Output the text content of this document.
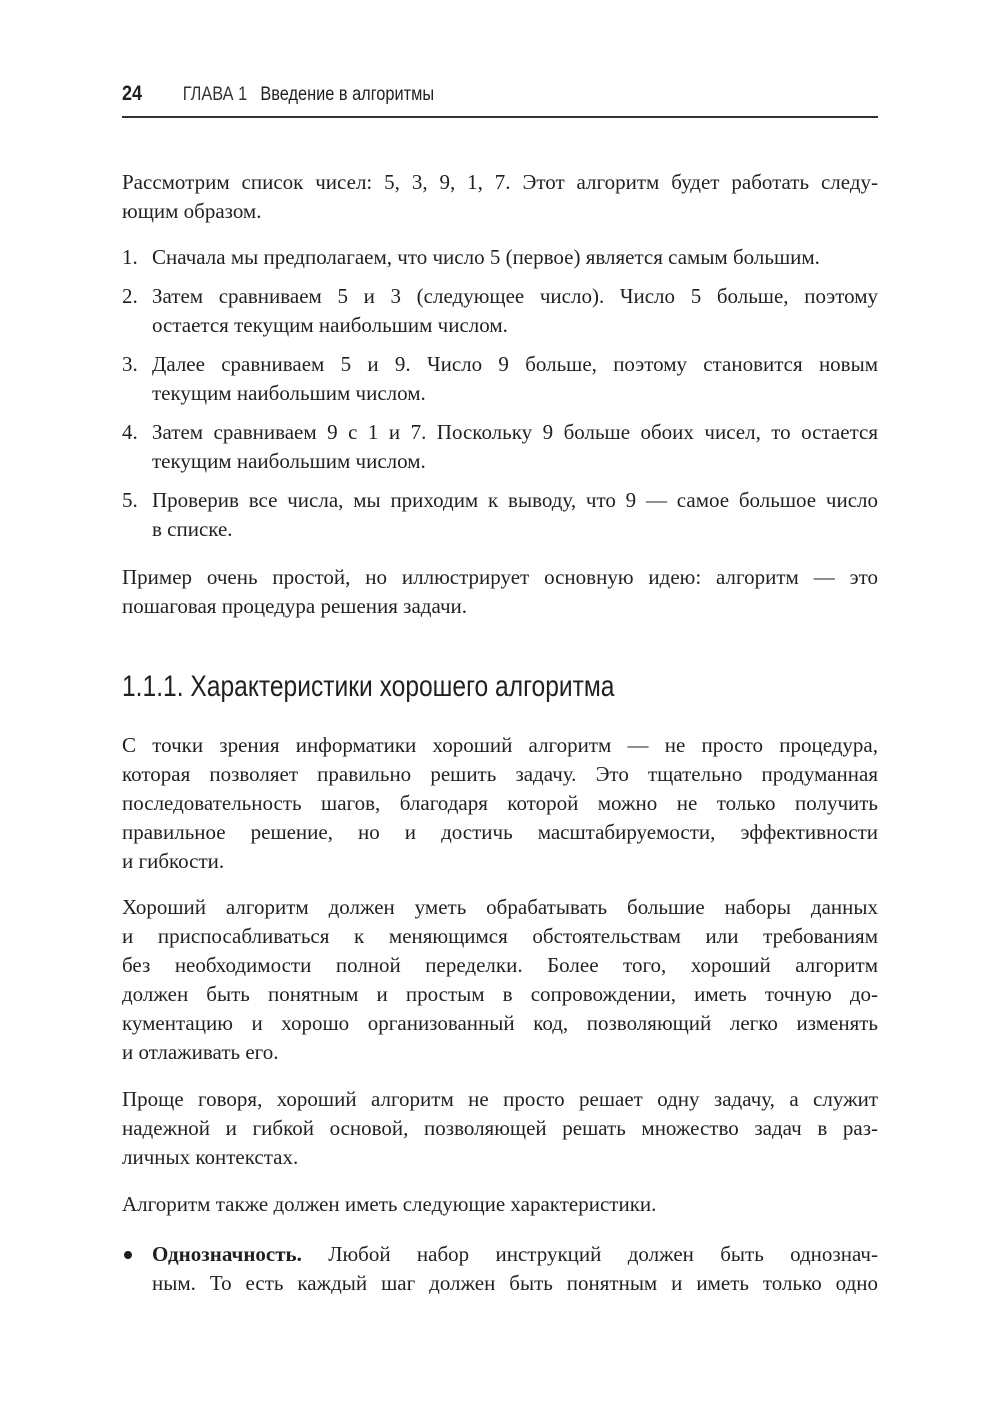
24 ГЛАВА 1 Введение в алгоритмы
Рассмотрим список чисел: 5, 3, 9, 1, 7. Этот алгоритм будет работать следу-
ющим образом.
1. Сначала мы предполагаем, что число 5 (первое) является самым большим.
2. Затем сравниваем 5 и 3 (следующее число). Число 5 больше, поэтому
остается текущим наибольшим числом.
3. Далее сравниваем 5 и 9. Число 9 больше, поэтому становится новым
текущим наибольшим числом.
4. Затем сравниваем 9 с 1 и 7. Поскольку 9 больше обоих чисел, то остается
текущим наибольшим числом.
5. Проверив все числа, мы приходим к выводу, что 9 — самое большое число
в списке.
Пример очень простой, но иллюстрирует основную идею: алгоритм — это
пошаговая процедура решения задачи.
1.1.1. Характеристики хорошего алгоритма
С точки зрения информатики хороший алгоритм — не просто процедура,
которая позволяет правильно решить задачу. Это тщательно продуманная
последовательность шагов, благодаря которой можно не только получить
правильное решение, но и достичь масштабируемости, эффективности
и гибкости.
Хороший алгоритм должен уметь обрабатывать большие наборы данных
и приспосабливаться к меняющимся обстоятельствам или требованиям
без необходимости полной переделки. Более того, хороший алгоритм
должен быть понятным и простым в сопровождении, иметь точную до-
кументацию и хорошо организованный код, позволяющий легко изменять
и отлаживать его.
Проще говоря, хороший алгоритм не просто решает одну задачу, а служит
надежной и гибкой основой, позволяющей решать множество задач в раз-
личных контекстах.
Алгоритм также должен иметь следующие характеристики.
Однозначность. Любой набор инструкций должен быть однознач-
ным. То есть каждый шаг должен быть понятным и иметь только одно
